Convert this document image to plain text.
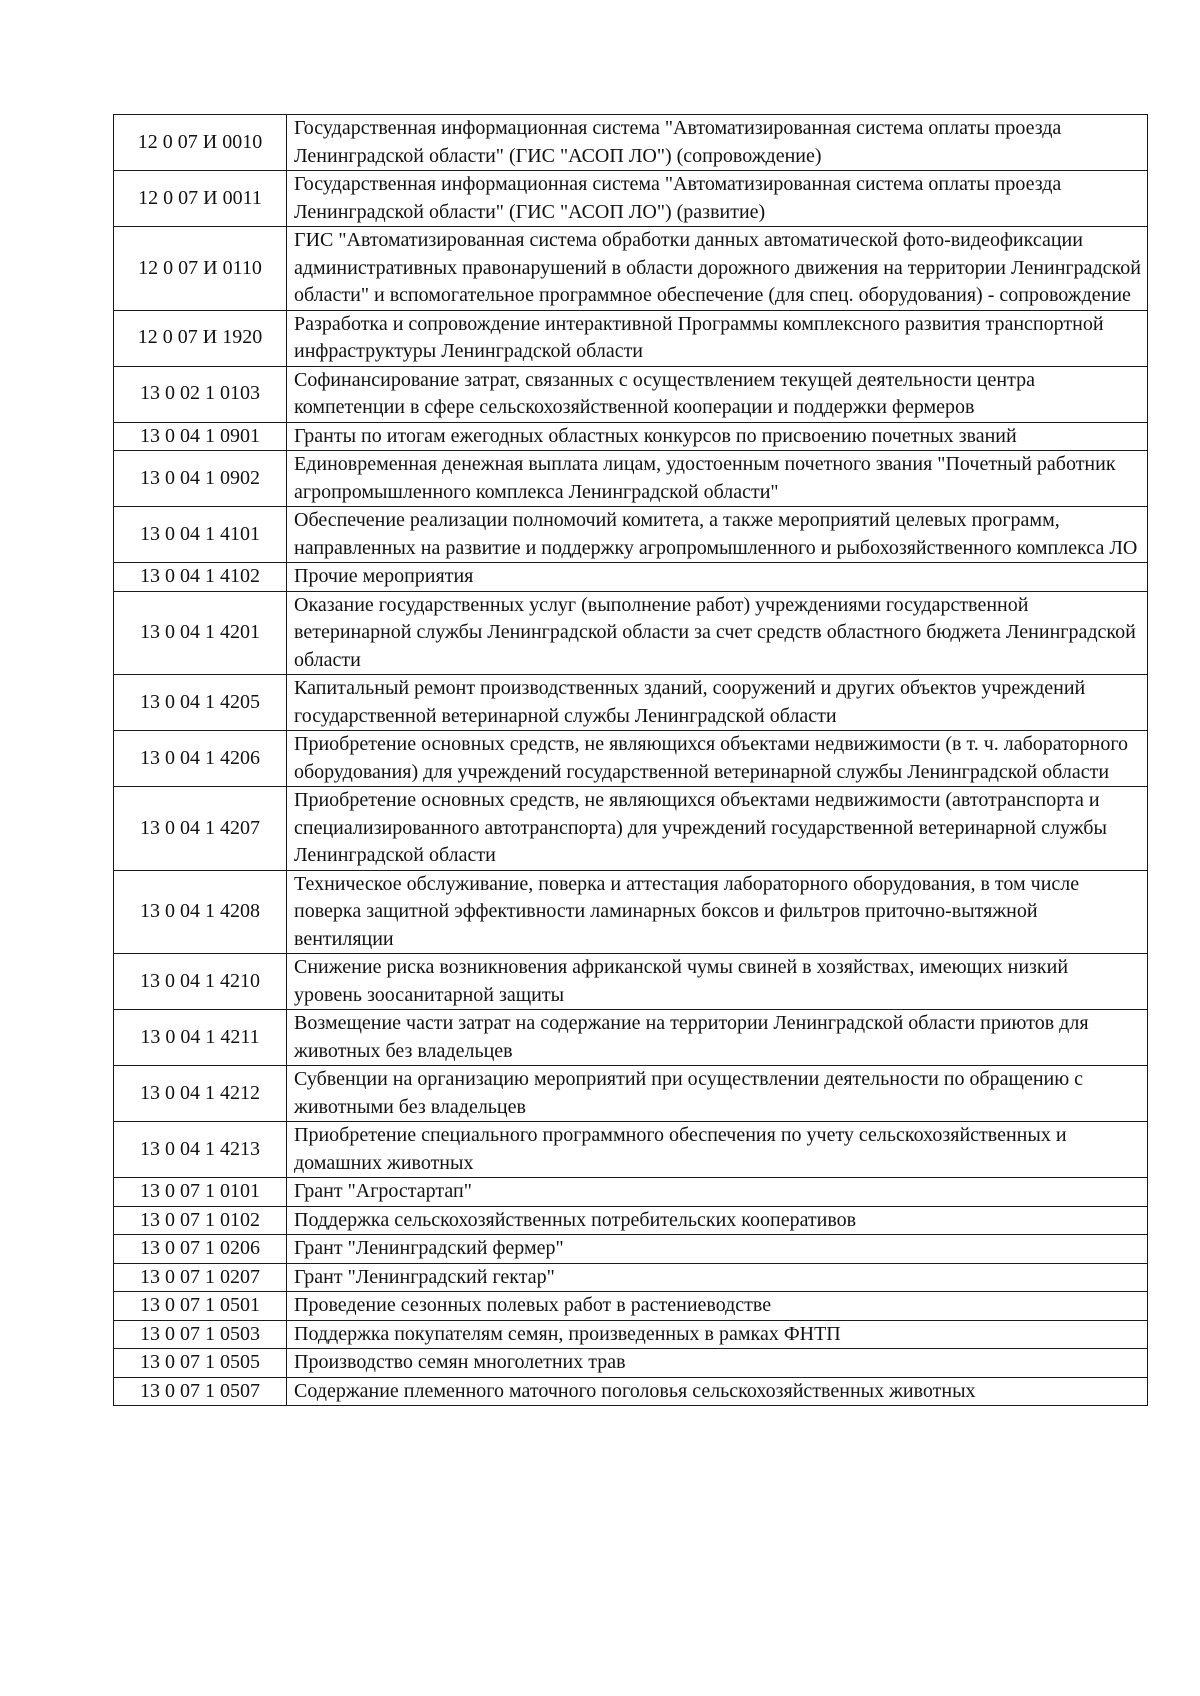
12 0 07 И 0010	Государственная информационная система "Автоматизированная система оплаты проезда Ленинградской области" (ГИС "АСОП ЛО") (сопровождение)
12 0 07 И 0011	Государственная информационная система "Автоматизированная система оплаты проезда Ленинградской области" (ГИС "АСОП ЛО") (развитие)
12 0 07 И 0110	ГИС "Автоматизированная система обработки данных автоматической фото-видеофиксации административных правонарушений в области дорожного движения на территории Ленинградской области" и вспомогательное программное обеспечение (для спец. оборудования) - сопровождение
12 0 07 И 1920	Разработка и сопровождение интерактивной Программы комплексного развития транспортной инфраструктуры Ленинградской области
13 0 02 1 0103	Софинансирование затрат, связанных с осуществлением текущей деятельности центра компетенции в сфере сельскохозяйственной кооперации и поддержки фермеров
13 0 04 1 0901	Гранты по итогам ежегодных областных конкурсов по присвоению почетных званий
13 0 04 1 0902	Единовременная денежная выплата лицам, удостоенным почетного звания "Почетный работник агропромышленного комплекса Ленинградской области"
13 0 04 1 4101	Обеспечение реализации полномочий комитета, а также мероприятий целевых программ, направленных на развитие и поддержку агропромышленного и рыбохозяйственного комплекса ЛО
13 0 04 1 4102	Прочие мероприятия
13 0 04 1 4201	Оказание государственных услуг (выполнение работ) учреждениями государственной ветеринарной службы Ленинградской области за счет средств областного бюджета Ленинградской области
13 0 04 1 4205	Капитальный ремонт производственных зданий, сооружений и других объектов учреждений государственной ветеринарной службы Ленинградской области
13 0 04 1 4206	Приобретение основных средств, не являющихся объектами недвижимости (в т. ч. лабораторного оборудования) для учреждений государственной ветеринарной службы Ленинградской области
13 0 04 1 4207	Приобретение основных средств, не являющихся объектами недвижимости (автотранспорта и специализированного автотранспорта) для учреждений государственной ветеринарной службы Ленинградской области
13 0 04 1 4208	Техническое обслуживание, поверка и аттестация лабораторного оборудования, в том числе поверка защитной эффективности ламинарных боксов и фильтров приточно-вытяжной вентиляции
13 0 04 1 4210	Снижение риска возникновения африканской чумы свиней в хозяйствах, имеющих низкий уровень зоосанитарной защиты
13 0 04 1 4211	Возмещение части затрат на содержание на территории Ленинградской области приютов для животных без владельцев
13 0 04 1 4212	Субвенции на организацию мероприятий при осуществлении деятельности по обращению с животными без владельцев
13 0 04 1 4213	Приобретение специального программного обеспечения по учету сельскохозяйственных и домашних животных
13 0 07 1 0101	Грант "Агростартап"
13 0 07 1 0102	Поддержка сельскохозяйственных потребительских кооперативов
13 0 07 1 0206	Грант "Ленинградский фермер"
13 0 07 1 0207	Грант "Ленинградский гектар"
13 0 07 1 0501	Проведение сезонных полевых работ в растениеводстве
13 0 07 1 0503	Поддержка покупателям семян, произведенных в рамках ФНТП
13 0 07 1 0505	Производство семян многолетних трав
13 0 07 1 0507	Содержание племенного маточного поголовья сельскохозяйственных животных
